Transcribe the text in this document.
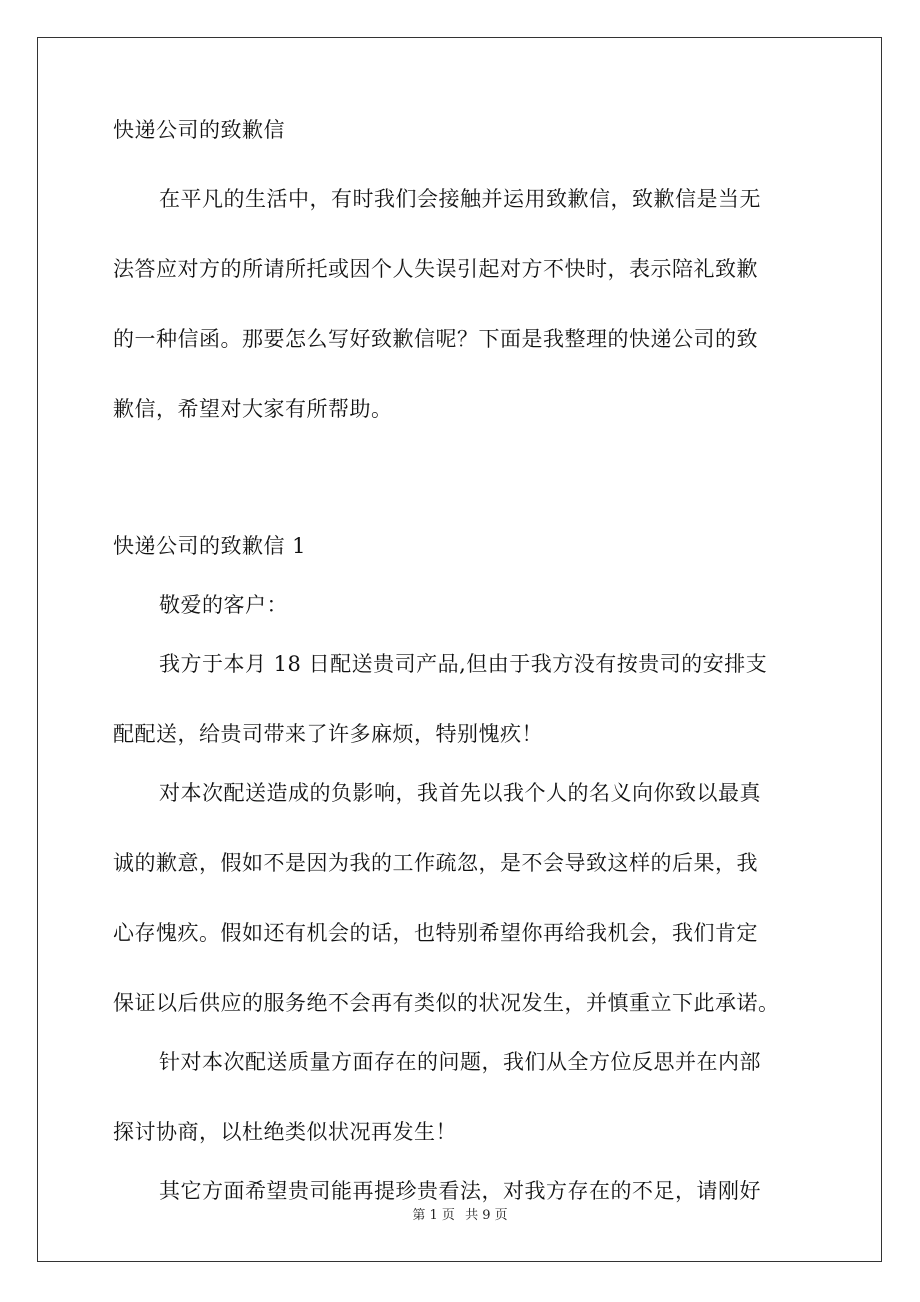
快递公司的致歉信

在平凡的生活中，有时我们会接触并运用致歉信，致歉信是当无

法答应对方的所请所托或因个人失误引起对方不快时，表示陪礼致歉

的一种信函。那要怎么写好致歉信呢？下面是我整理的快递公司的致

歉信，希望对大家有所帮助。

快递公司的致歉信 1

敬爱的客户：

我方于本月 18 日配送贵司产品,但由于我方没有按贵司的安排支

配配送，给贵司带来了许多麻烦，特别愧疚！

对本次配送造成的负影响，我首先以我个人的名义向你致以最真

诚的歉意，假如不是因为我的工作疏忽，是不会导致这样的后果，我

心存愧疚。假如还有机会的话，也特别希望你再给我机会，我们肯定

保证以后供应的服务绝不会再有类似的状况发生，并慎重立下此承诺。

针对本次配送质量方面存在的问题，我们从全方位反思并在内部

探讨协商，以杜绝类似状况再发生！

其它方面希望贵司能再提珍贵看法，对我方存在的不足，请刚好

第 1 页 共 9 页
